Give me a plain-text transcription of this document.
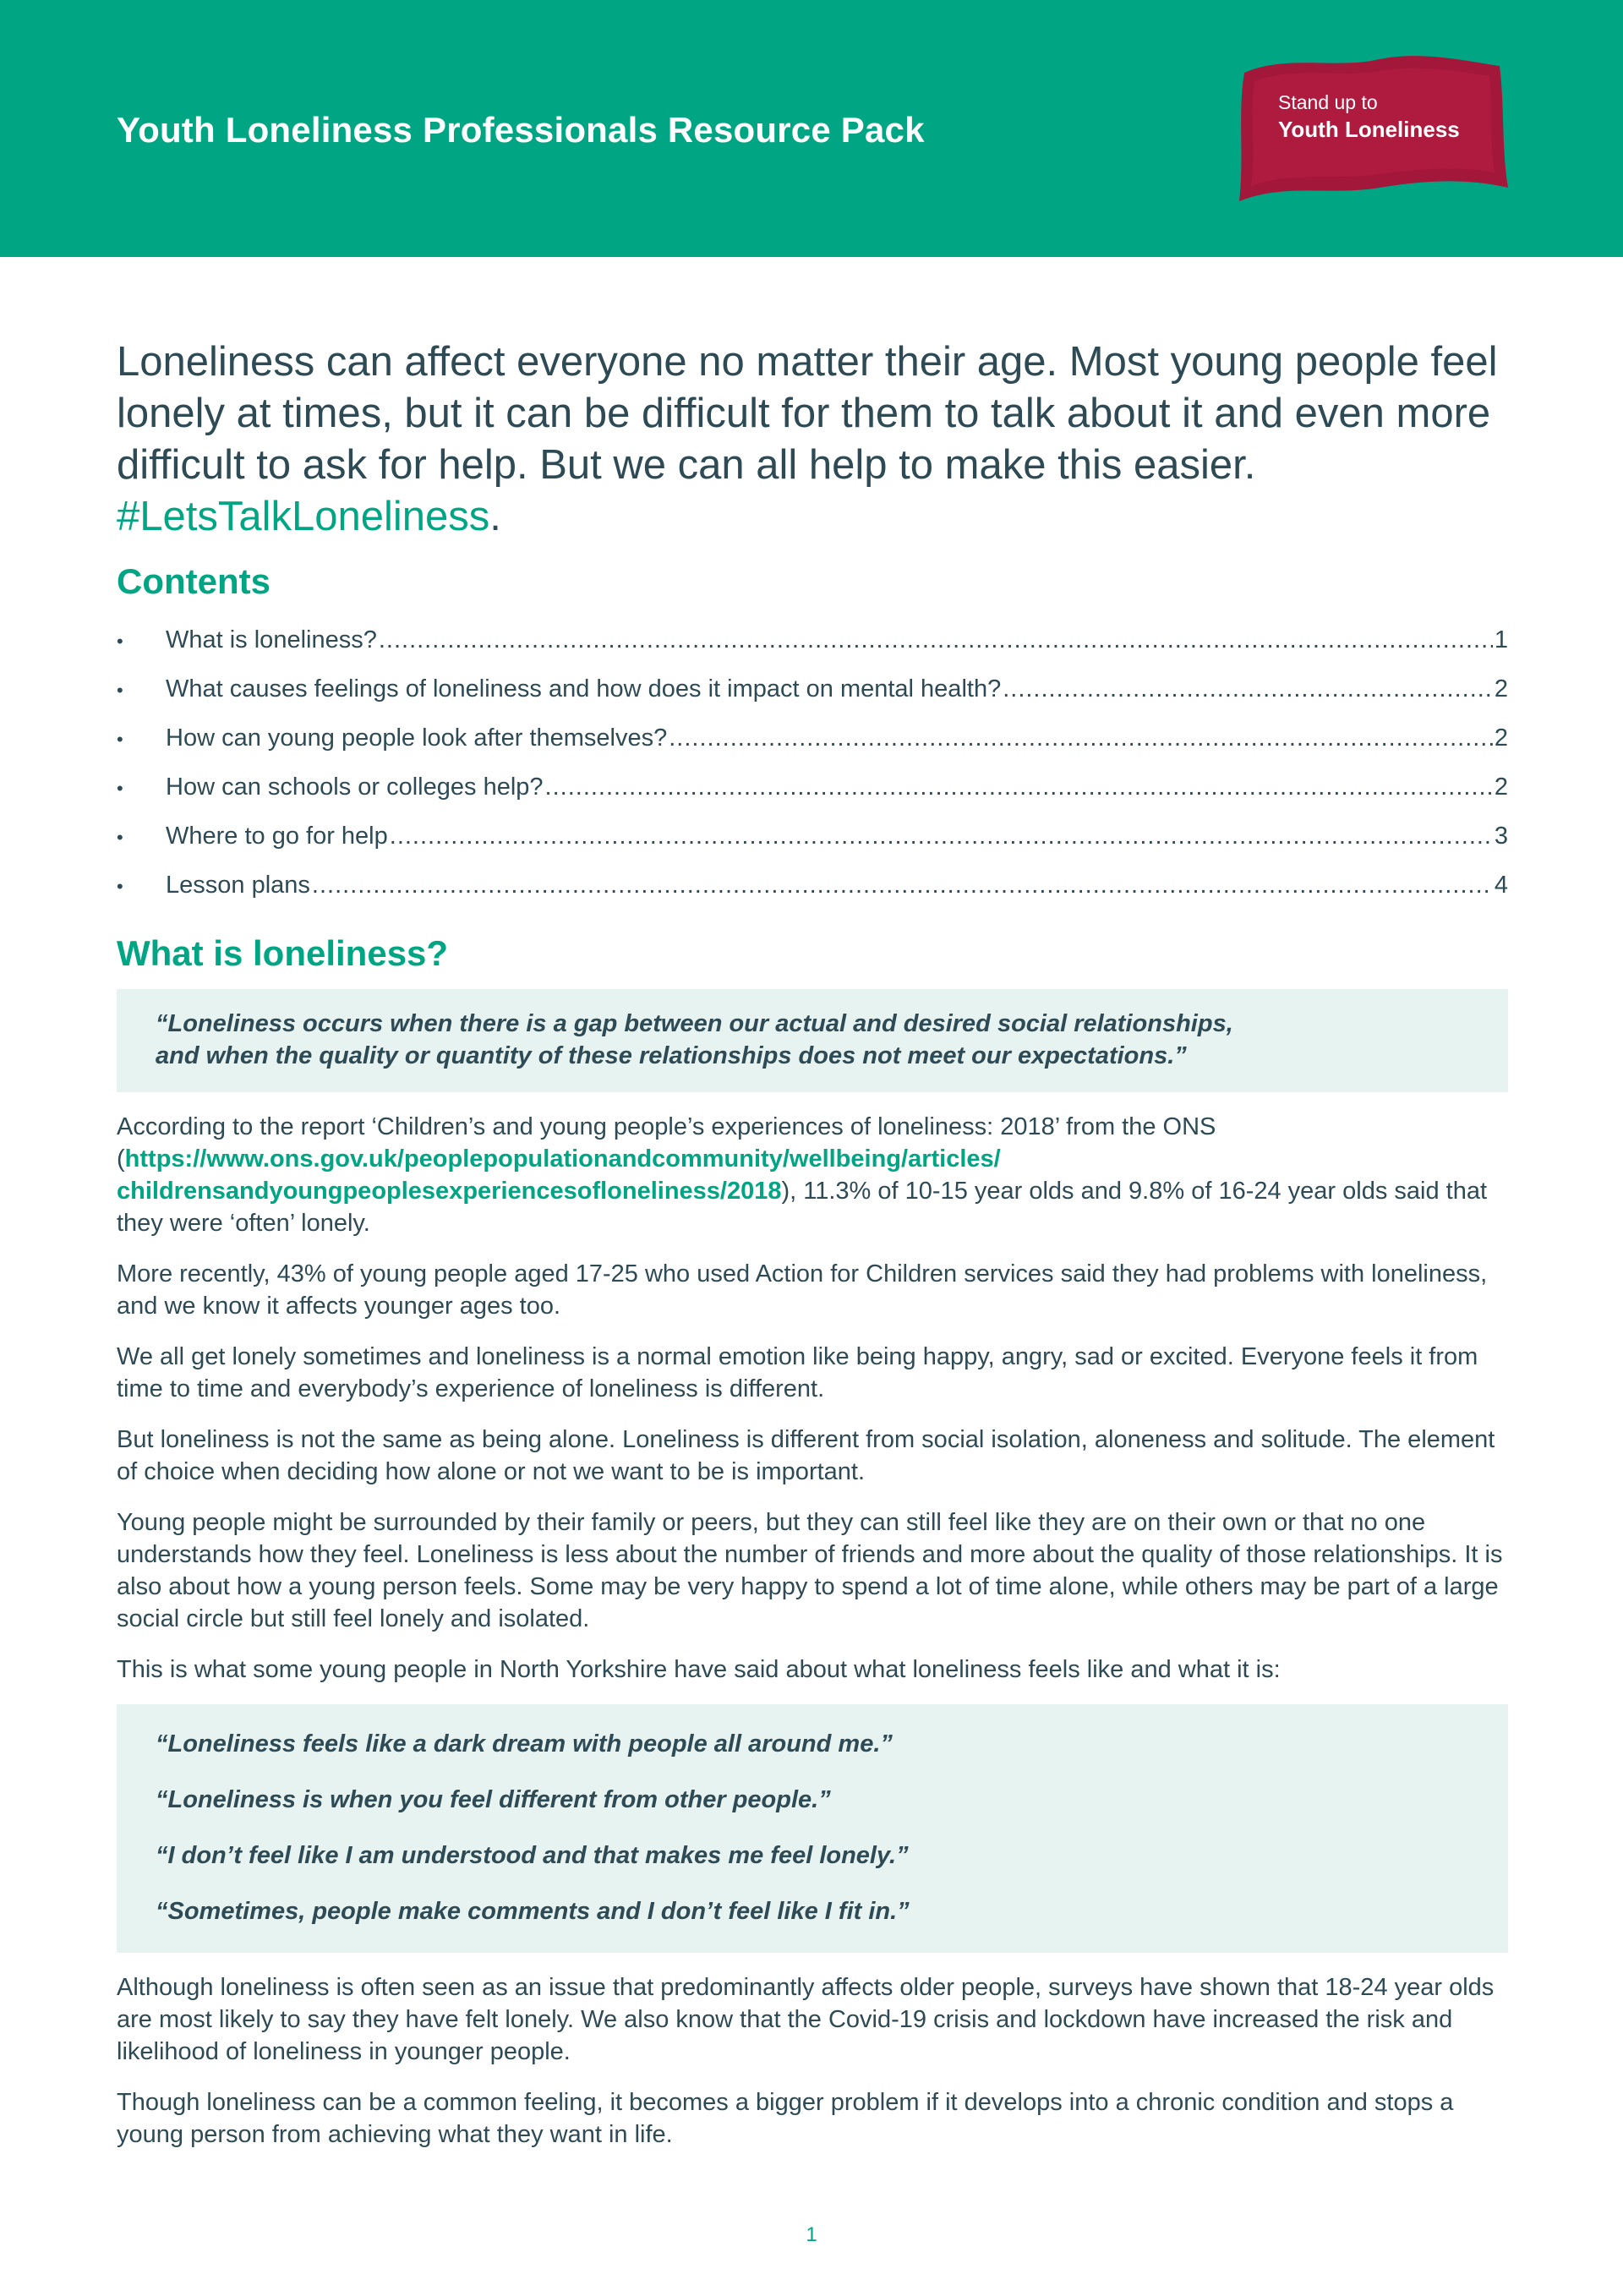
Youth Loneliness Professionals Resource Pack
Stand up to
Youth Loneliness

Loneliness can affect everyone no matter their age. Most young people feel lonely at times, but it can be difficult for them to talk about it and even more difficult to ask for help. But we can all help to make this easier. #LetsTalkLoneliness.

Contents
•	What is loneliness? .....	1
•	What causes feelings of loneliness and how does it impact on mental health? .....	2
•	How can young people look after themselves? .....	2
•	How can schools or colleges help? .....	2
•	Where to go for help .....	3
•	Lesson plans .....	4
What is loneliness?

“Loneliness occurs when there is a gap between our actual and desired social relationships,

and when the quality or quantity of these relationships does not meet our expectations.”

According to the report ‘Children’s and young people’s experiences of loneliness: 2018’ from the ONS (https://www.ons.gov.uk/peoplepopulationandcommunity/wellbeing/articles/ childrensandyoungpeoplesexperiencesofloneliness/2018), 11.3% of 10-15 year olds and 9.8% of 16-24 year olds said that they were ‘often’ lonely.

More recently, 43% of young people aged 17-25 who used Action for Children services said they had problems with loneliness, and we know it affects younger ages too.

We all get lonely sometimes and loneliness is a normal emotion like being happy, angry, sad or excited. Everyone feels it from time to time and everybody’s experience of loneliness is different.

But loneliness is not the same as being alone. Loneliness is different from social isolation, aloneness and solitude. The element of choice when deciding how alone or not we want to be is important.

Young people might be surrounded by their family or peers, but they can still feel like they are on their own or that no one understands how they feel. Loneliness is less about the number of friends and more about the quality of those relationships. It is also about how a young person feels. Some may be very happy to spend a lot of time alone, while others may be part of a large social circle but still feel lonely and isolated.

This is what some young people in North Yorkshire have said about what loneliness feels like and what it is:

“Loneliness feels like a dark dream with people all around me.”

“Loneliness is when you feel different from other people.”

“I don’t feel like I am understood and that makes me feel lonely.”

“Sometimes, people make comments and I don’t feel like I fit in.”

Although loneliness is often seen as an issue that predominantly affects older people, surveys have shown that 18-24 year olds are most likely to say they have felt lonely. We also know that the Covid-19 crisis and lockdown have increased the risk and likelihood of loneliness in younger people.

Though loneliness can be a common feeling, it becomes a bigger problem if it develops into a chronic condition and stops a young person from achieving what they want in life.

1
